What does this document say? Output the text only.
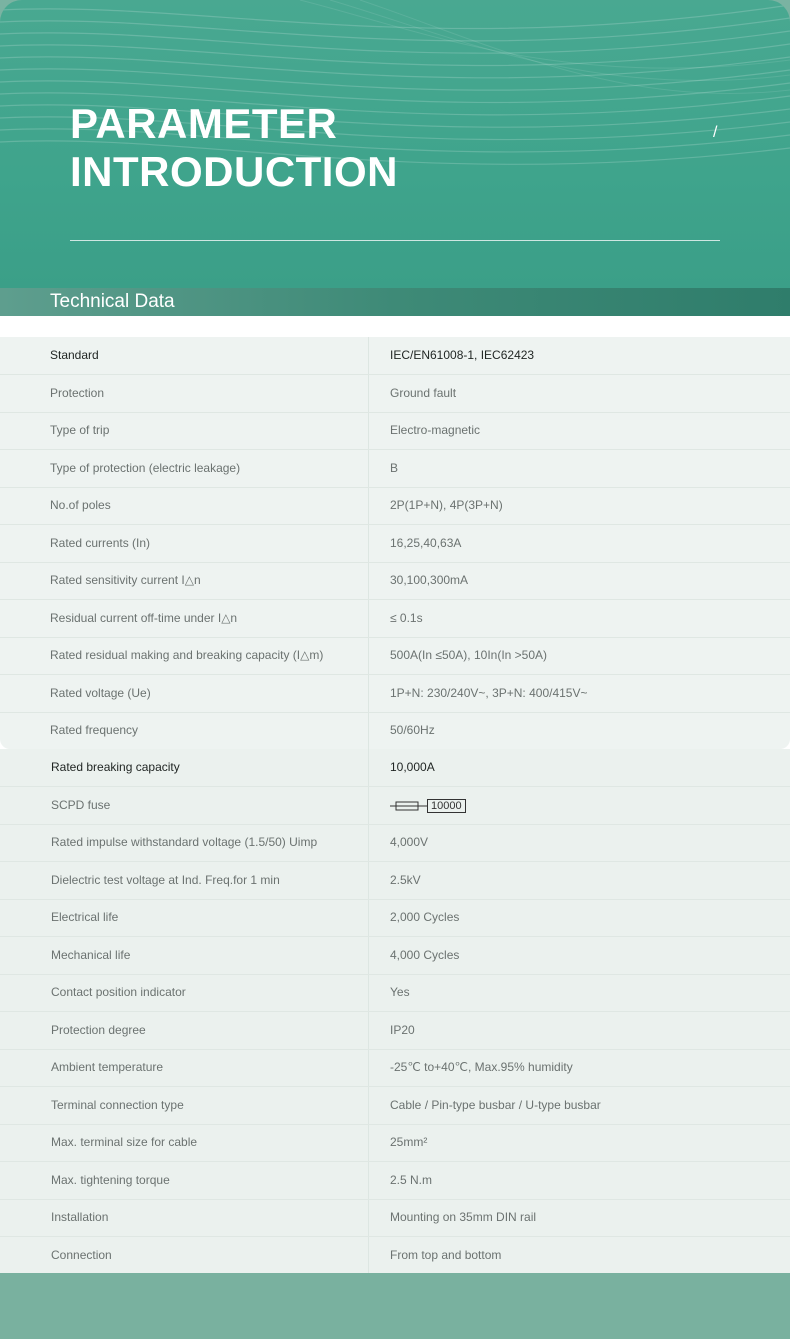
PARAMETER
INTRODUCTION
/
Technical Data
Standard	IEC/EN61008-1, IEC62423
Protection	Ground fault
Type of trip	Electro-magnetic
Type of protection (electric leakage)	B
No.of poles	2P(1P+N), 4P(3P+N)
Rated currents (In)	16,25,40,63A
Rated sensitivity current I△n	30,100,300mA
Residual current off-time under I△n	≤ 0.1s
Rated residual making and breaking capacity (I△m)	500A(In ≤50A), 10In(In >50A)
Rated voltage (Ue)	1P+N: 230/240V~, 3P+N: 400/415V~
Rated frequency	50/60Hz
Rated breaking capacity	10,000A
SCPD fuse	10000
Rated impulse withstandard voltage (1.5/50) Uimp	4,000V
Dielectric test voltage at Ind. Freq.for 1 min	2.5kV
Electrical life	2,000 Cycles
Mechanical life	4,000 Cycles
Contact position indicator	Yes
Protection degree	IP20
Ambient temperature	-25℃ to+40℃, Max.95% humidity
Terminal connection type	Cable / Pin-type busbar / U-type busbar
Max. terminal size for cable	25mm²
Max. tightening torque	2.5 N.m
Installation	Mounting on 35mm DIN rail
Connection	From top and bottom
